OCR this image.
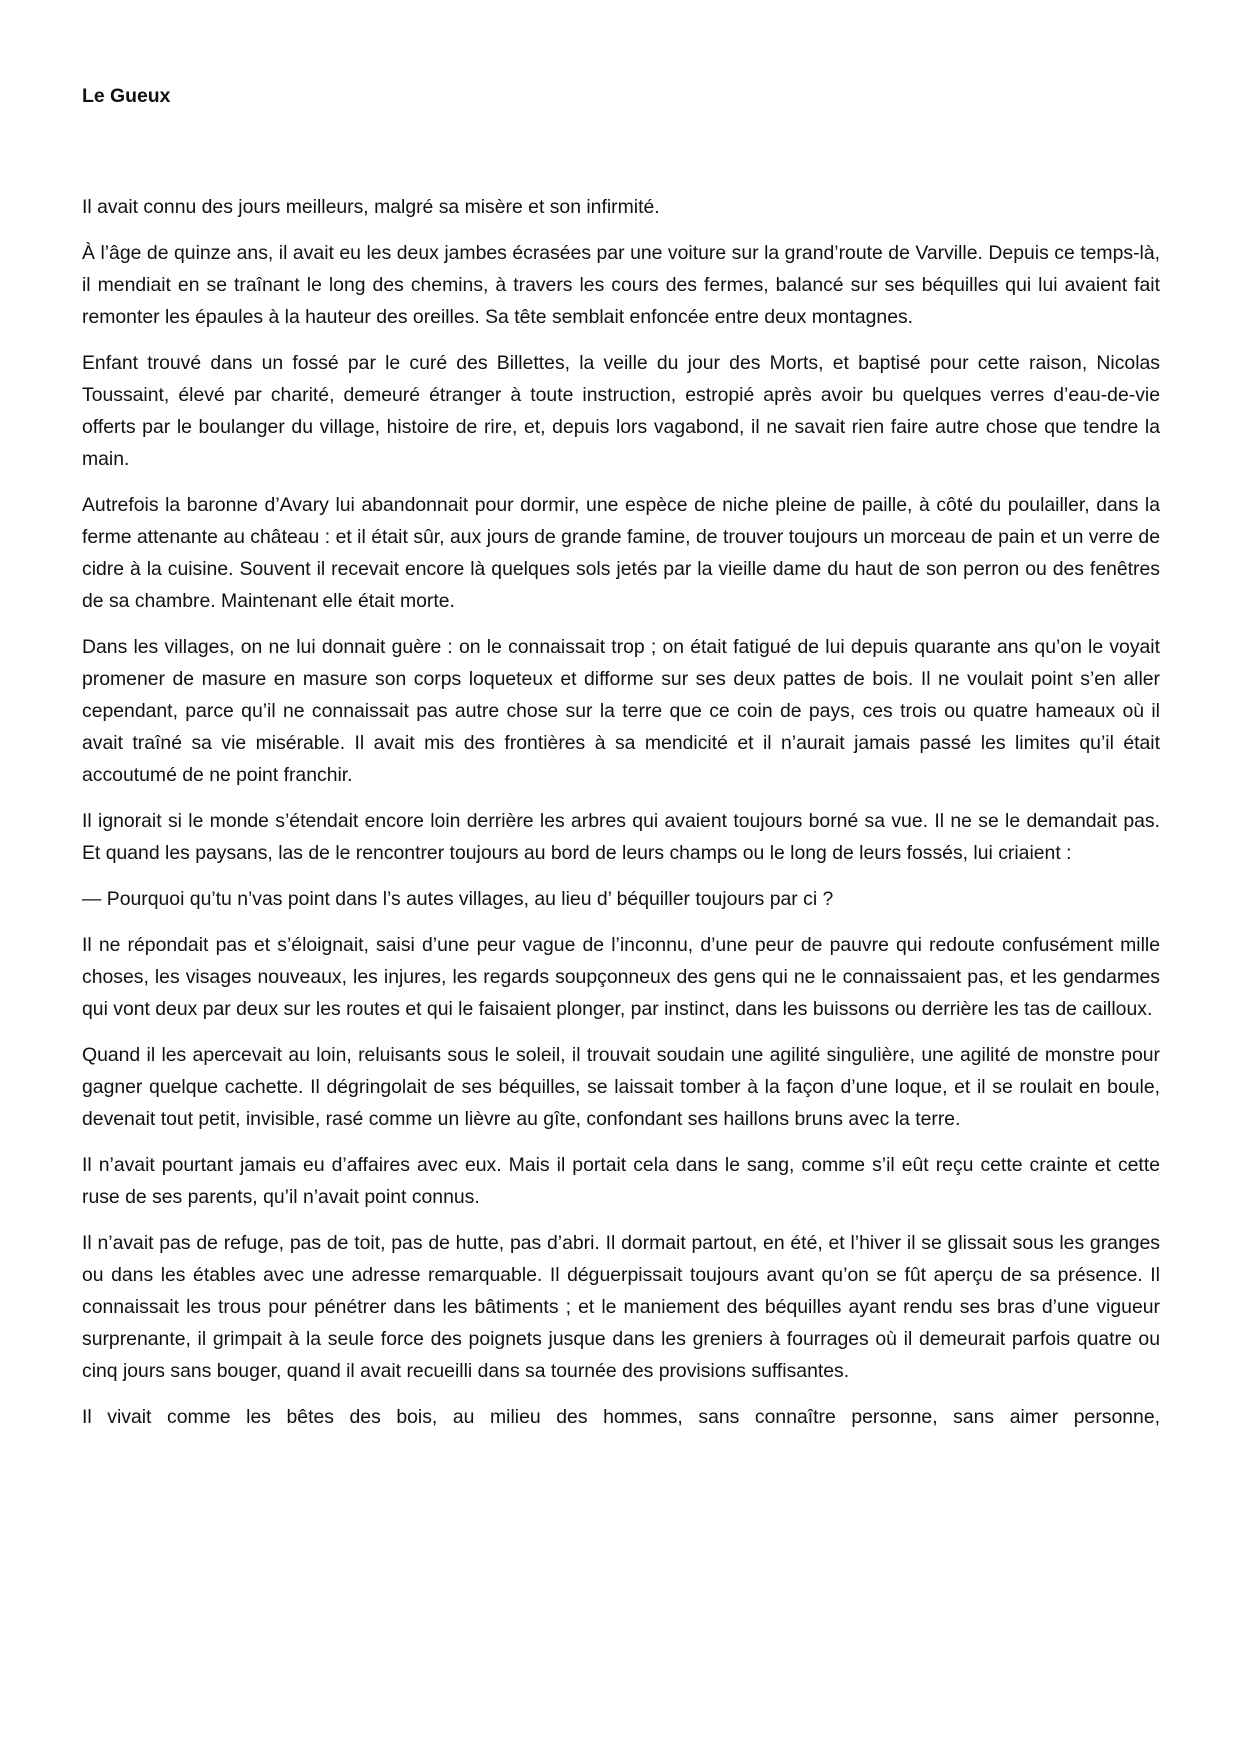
Le Gueux

Il avait connu des jours meilleurs, malgré sa misère et son infirmité.

À l’âge de quinze ans, il avait eu les deux jambes écrasées par une voiture sur la grand’route de Varville. Depuis ce temps-là, il mendiait en se traînant le long des chemins, à travers les cours des fermes, balancé sur ses béquilles qui lui avaient fait remonter les épaules à la hauteur des oreilles. Sa tête semblait enfoncée entre deux montagnes.

Enfant trouvé dans un fossé par le curé des Billettes, la veille du jour des Morts, et baptisé pour cette raison, Nicolas Toussaint, élevé par charité, demeuré étranger à toute instruction, estropié après avoir bu quelques verres d’eau-de-vie offerts par le boulanger du village, histoire de rire, et, depuis lors vagabond, il ne savait rien faire autre chose que tendre la main.

Autrefois la baronne d’Avary lui abandonnait pour dormir, une espèce de niche pleine de paille, à côté du poulailler, dans la ferme attenante au château : et il était sûr, aux jours de grande famine, de trouver toujours un morceau de pain et un verre de cidre à la cuisine. Souvent il recevait encore là quelques sols jetés par la vieille dame du haut de son perron ou des fenêtres de sa chambre. Maintenant elle était morte.

Dans les villages, on ne lui donnait guère : on le connaissait trop ; on était fatigué de lui depuis quarante ans qu’on le voyait promener de masure en masure son corps loqueteux et difforme sur ses deux pattes de bois. Il ne voulait point s’en aller cependant, parce qu’il ne connaissait pas autre chose sur la terre que ce coin de pays, ces trois ou quatre hameaux où il avait traîné sa vie misérable. Il avait mis des frontières à sa mendicité et il n’aurait jamais passé les limites qu’il était accoutumé de ne point franchir.

Il ignorait si le monde s’étendait encore loin derrière les arbres qui avaient toujours borné sa vue. Il ne se le demandait pas. Et quand les paysans, las de le rencontrer toujours au bord de leurs champs ou le long de leurs fossés, lui criaient :

— Pourquoi qu’tu n’vas point dans l’s autes villages, au lieu d’ béquiller toujours par ci ?

Il ne répondait pas et s’éloignait, saisi d’une peur vague de l’inconnu, d’une peur de pauvre qui redoute confusément mille choses, les visages nouveaux, les injures, les regards soupçonneux des gens qui ne le connaissaient pas, et les gendarmes qui vont deux par deux sur les routes et qui le faisaient plonger, par instinct, dans les buissons ou derrière les tas de cailloux.

Quand il les apercevait au loin, reluisants sous le soleil, il trouvait soudain une agilité singulière, une agilité de monstre pour gagner quelque cachette. Il dégringolait de ses béquilles, se laissait tomber à la façon d’une loque, et il se roulait en boule, devenait tout petit, invisible, rasé comme un lièvre au gîte, confondant ses haillons bruns avec la terre.

Il n’avait pourtant jamais eu d’affaires avec eux. Mais il portait cela dans le sang, comme s’il eût reçu cette crainte et cette ruse de ses parents, qu’il n’avait point connus.

Il n’avait pas de refuge, pas de toit, pas de hutte, pas d’abri. Il dormait partout, en été, et l’hiver il se glissait sous les granges ou dans les étables avec une adresse remarquable. Il déguerpissait toujours avant qu’on se fût aperçu de sa présence. Il connaissait les trous pour pénétrer dans les bâtiments ; et le maniement des béquilles ayant rendu ses bras d’une vigueur surprenante, il grimpait à la seule force des poignets jusque dans les greniers à fourrages où il demeurait parfois quatre ou cinq jours sans bouger, quand il avait recueilli dans sa tournée des provisions suffisantes.

Il vivait comme les bêtes des bois, au milieu des hommes, sans connaître personne, sans aimer personne,
